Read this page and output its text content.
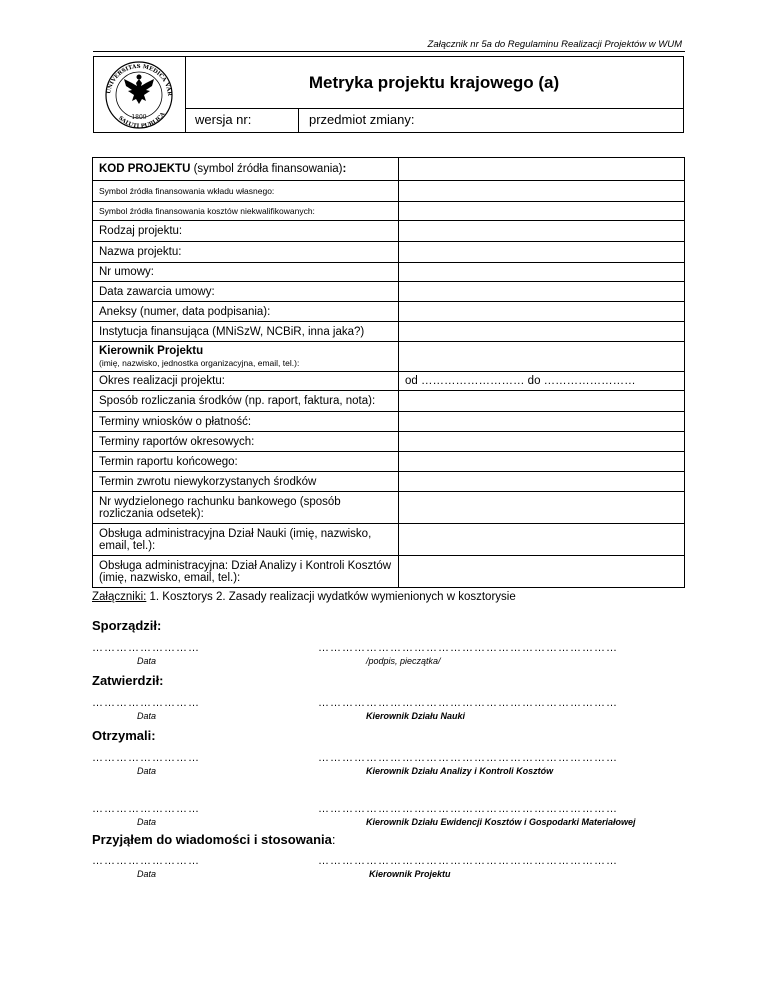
Załącznik nr 5a do Regulaminu Realizacji Projektów w WUM
1809
UNIVERSITAS MEDICA VAR
SALUTI PUBLICA
Metryka projektu krajowego (a)
wersja nr:	przedmiot zmiany:
KOD PROJEKTU (symbol źródła finansowania):	
Symbol źródła finansowania wkładu własnego:	
Symbol źródła finansowania kosztów niekwalifikowanych:	
Rodzaj projektu:	
Nazwa projektu:	
Nr umowy:	
Data zawarcia umowy:	
Aneksy (numer, data podpisania):	
Instytucja finansująca (MNiSzW, NCBiR, inna jaka?)	
Kierownik Projektu
(imię, nazwisko, jednostka organizacyjna, email, tel.):	

Okres realizacji projektu:	od ……………………… do ……………………
Sposób rozliczania środków (np. raport, faktura, nota):	
Terminy wniosków o płatność:	
Terminy raportów okresowych:	
Termin raportu końcowego:	
Termin zwrotu niewykorzystanych środków	
Nr wydzielonego rachunku bankowego (sposób rozliczania odsetek):	
Obsługa administracyjna Dział Nauki (imię, nazwisko, email, tel.):	
Obsługa administracyjna: Dział Analizy i Kontroli Kosztów (imię, nazwisko, email, tel.):	
Załączniki: 1. Kosztorys 2. Zasady realizacji wydatków wymienionych w kosztorysie
Sporządził:
………………………	…………………………………………………………………
Data	/podpis, pieczątka/
Zatwierdził:
………………………	…………………………………………………………………
Data	Kierownik Działu Nauki
Otrzymali:
………………………	…………………………………………………………………
Data	Kierownik Działu Analizy i Kontroli Kosztów
………………………	…………………………………………………………………
Data	Kierownik Działu Ewidencji Kosztów i Gospodarki Materiałowej
Przyjąłem do wiadomości i stosowania:
………………………	…………………………………………………………………
Data	Kierownik Projektu
